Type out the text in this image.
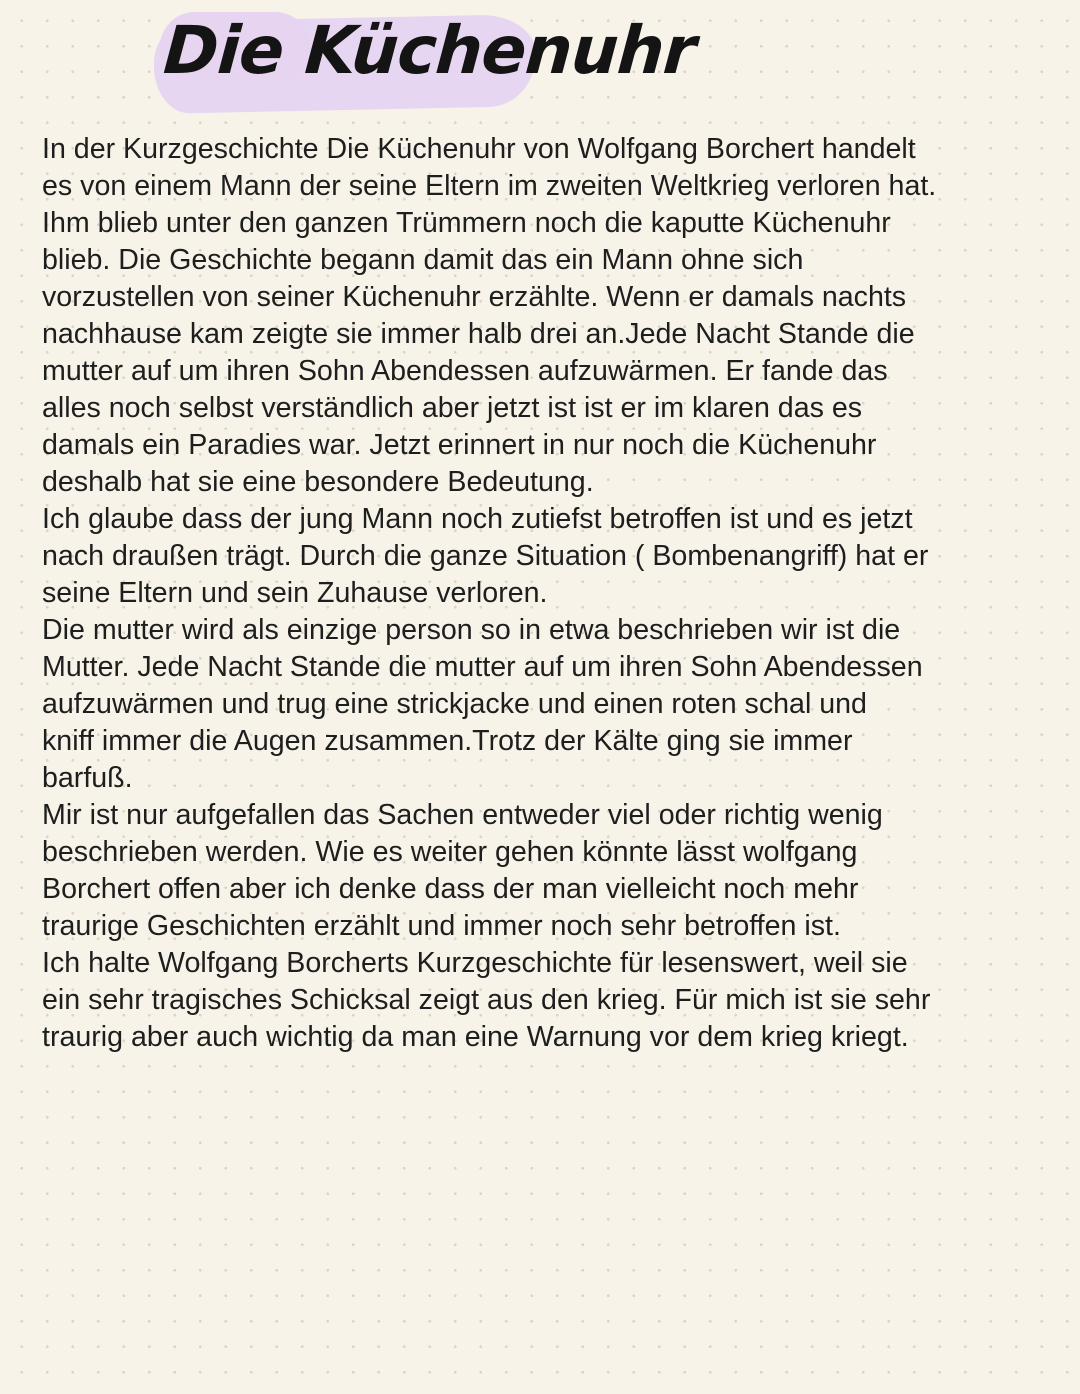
Die Küchenuhr
In der Kurzgeschichte Die Küchenuhr von Wolfgang Borchert handelt
es von einem Mann der seine Eltern im zweiten Weltkrieg verloren hat.
Ihm blieb unter den ganzen Trümmern noch die kaputte Küchenuhr
blieb. Die Geschichte begann damit das ein Mann ohne sich
vorzustellen von seiner Küchenuhr erzählte. Wenn er damals nachts
nachhause kam zeigte sie immer halb drei an.Jede Nacht Stande die
mutter auf um ihren Sohn Abendessen aufzuwärmen. Er fande das
alles noch selbst verständlich aber jetzt ist ist er im klaren das es
damals ein Paradies war. Jetzt erinnert in nur noch die Küchenuhr
deshalb hat sie eine besondere Bedeutung.
Ich glaube dass der jung Mann noch zutiefst betroffen ist und es jetzt
nach draußen trägt. Durch die ganze Situation ( Bombenangriff) hat er
seine Eltern und sein Zuhause verloren.
Die mutter wird als einzige person so in etwa beschrieben wir ist die
Mutter. Jede Nacht Stande die mutter auf um ihren Sohn Abendessen
aufzuwärmen und trug eine strickjacke und einen roten schal und
kniff immer die Augen zusammen.Trotz der Kälte ging sie immer
barfuß.
Mir ist nur aufgefallen das Sachen entweder viel oder richtig wenig
beschrieben werden. Wie es weiter gehen könnte lässt wolfgang
Borchert offen aber ich denke dass der man vielleicht noch mehr
traurige Geschichten erzählt und immer noch sehr betroffen ist.
Ich halte Wolfgang Borcherts Kurzgeschichte für lesenswert, weil sie
ein sehr tragisches Schicksal zeigt aus den krieg. Für mich ist sie sehr
traurig aber auch wichtig da man eine Warnung vor dem krieg kriegt.
